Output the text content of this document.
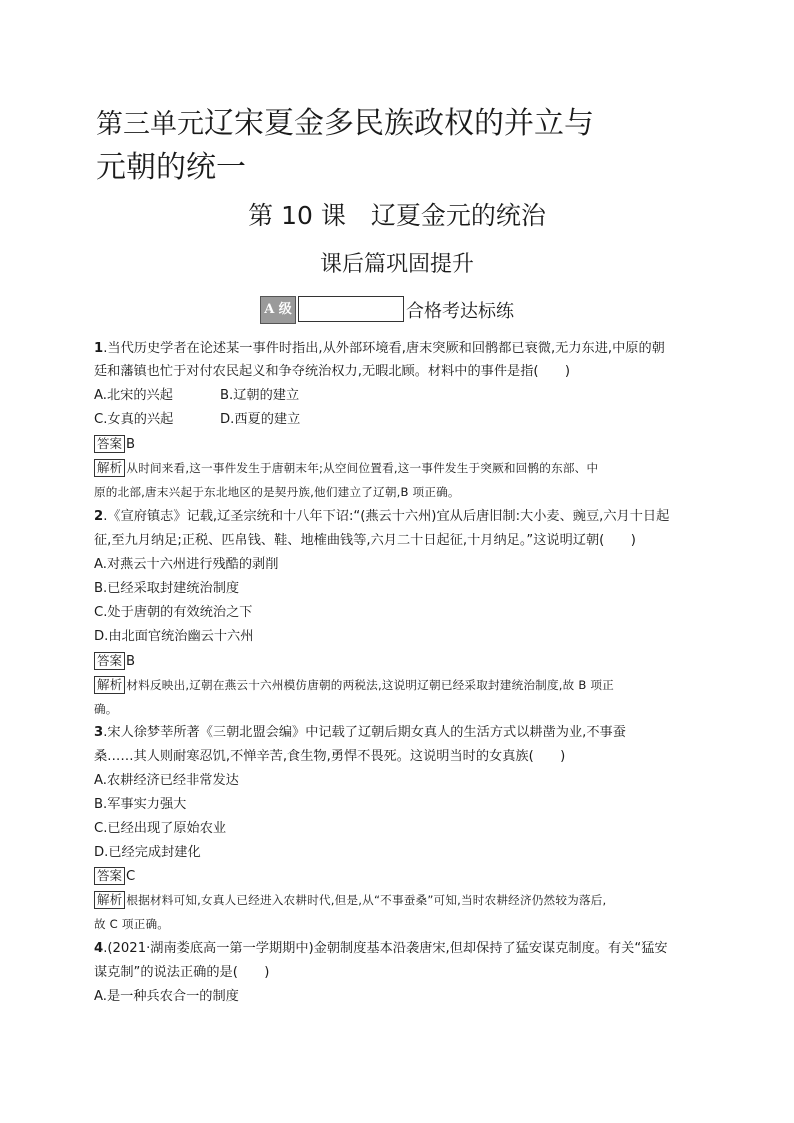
第三单元辽宋夏金多民族政权的并立与
元朝的统一
第 10 课　辽夏金元的统治
课后篇巩固提升
A 级	合格考达标练
1.当代历史学者在论述某一事件时指出,从外部环境看,唐末突厥和回鹘都已衰微,无力东进,中原的朝
廷和藩镇也忙于对付农民起义和争夺统治权力,无暇北顾。材料中的事件是指(　　)
A.北宋的兴起	B.辽朝的建立
C.女真的兴起	D.西夏的建立
答案 B
解析 从时间来看,这一事件发生于唐朝末年;从空间位置看,这一事件发生于突厥和回鹘的东部、中
原的北部,唐末兴起于东北地区的是契丹族,他们建立了辽朝,B 项正确。
2.《宣府镇志》记载,辽圣宗统和十八年下诏:“(燕云十六州)宜从后唐旧制:大小麦、豌豆,六月十日起
征,至九月纳足;正税、匹帛钱、鞋、地榷曲钱等,六月二十日起征,十月纳足。”这说明辽朝(　　)
A.对燕云十六州进行残酷的剥削
B.已经采取封建统治制度
C.处于唐朝的有效统治之下
D.由北面官统治幽云十六州
答案 B
解析 材料反映出,辽朝在燕云十六州模仿唐朝的两税法,这说明辽朝已经采取封建统治制度,故 B 项正
确。
3.宋人徐梦莘所著《三朝北盟会编》中记载了辽朝后期女真人的生活方式以耕凿为业,不事蚕
桑……其人则耐寒忍饥,不惮辛苦,食生物,勇悍不畏死。这说明当时的女真族(　　)
A.农耕经济已经非常发达
B.军事实力强大
C.已经出现了原始农业
D.已经完成封建化
答案 C
解析 根据材料可知,女真人已经进入农耕时代,但是,从“不事蚕桑”可知,当时农耕经济仍然较为落后,
故 C 项正确。
4.(2021·湖南娄底高一第一学期期中)金朝制度基本沿袭唐宋,但却保持了猛安谋克制度。有关“猛安
谋克制”的说法正确的是(　　)
A.是一种兵农合一的制度
